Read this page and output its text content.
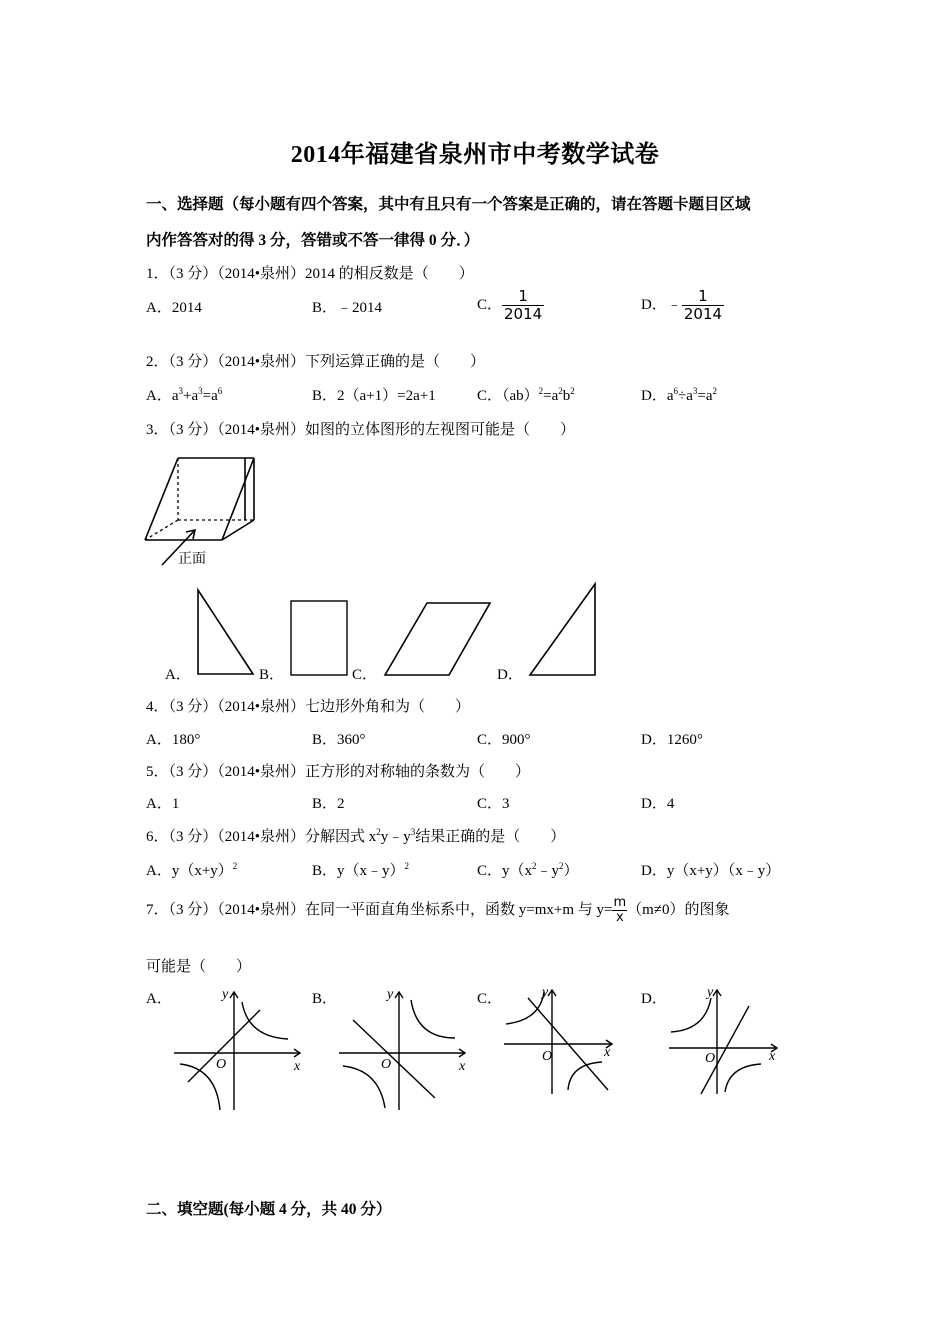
2014年福建省泉州市中考数学试卷
一、选择题（每小题有四个答案，其中有且只有一个答案是正确的，请在答题卡题目区域
内作答答对的得 3 分，答错或不答一律得 0 分．）
1．（3 分）（2014•泉州）2014 的相反数是（　　）
A．2014	B．﹣2014	C． $\frac{1}{2014}$	D．﹣ $\frac{1}{2014}$
2．（3 分）（2014•泉州）下列运算正确的是（　　）
A．$a^3+a^3=a^6$	B．2（a+1）=2a+1	C．$(ab)^2=a^2b^2$	D．$a^6\div a^3=a^2$
3．（3 分）（2014•泉州）如图的立体图形的左视图可能是（　　）
正面
A．	B．	C．	D．
4．（3 分）（2014•泉州）七边形外角和为（　　）
A．180°	B．360°	C．900°	D．1260°
5．（3 分）（2014•泉州）正方形的对称轴的条数为（　　）
A．1	B．2	C．3	D．4
6．（3 分）（2014•泉州）分解因式 $x^2y﹣y^3$结果正确的是（　　）
A．$y(x+y)^2$	B．y（x﹣y）$^2$	C．$y(x^2﹣y^2)$	D．y（x+y）（x﹣y）
7．（3 分）（2014•泉州）在同一平面直角坐标系中，函数 y=mx+m 与 $y= \frac{m}{x} (m\ne 0)$的图象
可能是（　　）
A．	B．	C．	D．
y
x
O
y
x
O
y
x
O
y
x
O
二、填空题(每小题 4 分，共 40 分）
